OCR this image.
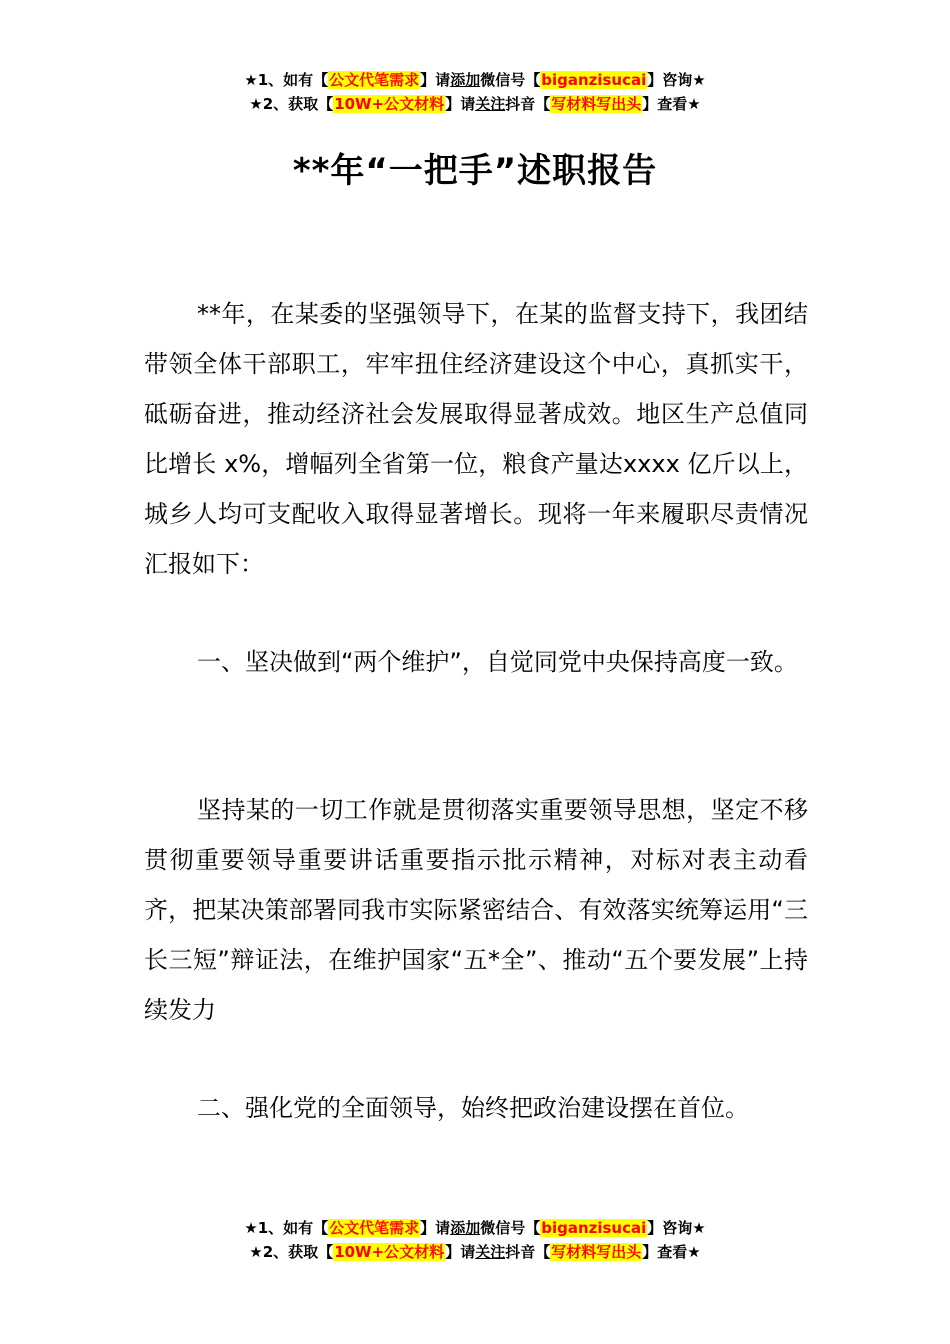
★1、如有【公文代笔需求】请添加微信号【biganzisucai】咨询★
★2、获取【10W+公文材料】请关注抖音【写材料写出头】查看★
**年“一把手”述职报告

**年，在某委的坚强领导下，在某的监督支持下，我团结带领全体干部职工，牢牢扭住经济建设这个中心，真抓实干，砥砺奋进，推动经济社会发展取得显著成效。地区生产总值同比增长 x%，增幅列全省第一位，粮食产量达xxxx 亿斤以上，城乡人均可支配收入取得显著增长。现将一年来履职尽责情况汇报如下：

一、坚决做到“两个维护”，自觉同党中央保持高度一致。

坚持某的一切工作就是贯彻落实重要领导思想，坚定不移贯彻重要领导重要讲话重要指示批示精神，对标对表主动看齐，把某决策部署同我市实际紧密结合、有效落实统筹运用“三长三短”辩证法，在维护国家“五*全”、推动“五个要发展”上持续发力

二、强化党的全面领导，始终把政治建设摆在首位。

★1、如有【公文代笔需求】请添加微信号【biganzisucai】咨询★
★2、获取【10W+公文材料】请关注抖音【写材料写出头】查看★
